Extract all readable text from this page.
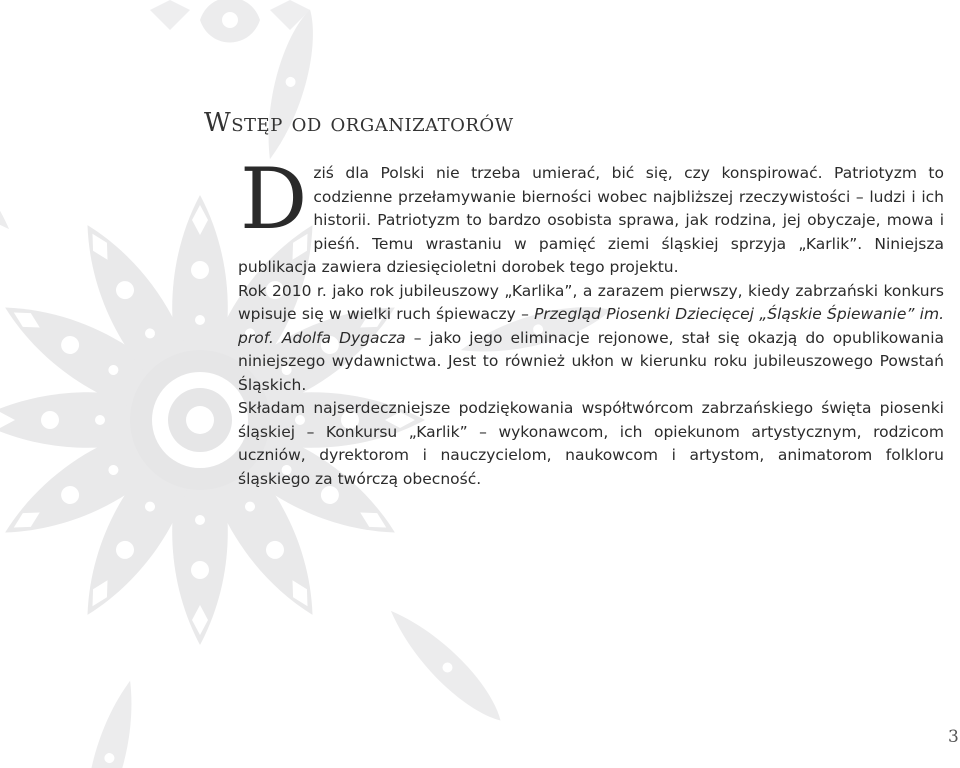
Wstęp od organizatorów

Dziś dla Polski nie trzeba umierać, bić się, czy konspirować. Patriotyzm to codzienne przełamywanie bierności wobec najbliższej rzeczywistości – ludzi i ich historii. Patriotyzm to bardzo osobista sprawa, jak rodzina, jej obyczaje, mowa i pieśń. Temu wrastaniu w pamięć ziemi śląskiej sprzyja „Karlik”. Niniejsza publikacja zawiera dziesięcioletni dorobek tego projektu.

Rok 2010 r. jako rok jubileuszowy „Karlika”, a zarazem pierwszy, kiedy zabrzański konkurs wpisuje się w wielki ruch śpiewaczy – Przegląd Piosenki Dziecięcej „Śląskie Śpiewanie” im. prof. Adolfa Dygacza – jako jego eliminacje rejonowe, stał się okazją do opublikowania niniejszego wydawnictwa. Jest to również ukłon w kierunku roku jubileuszowego Powstań Śląskich.

Składam najserdeczniejsze podziękowania współtwórcom zabrzańskiego święta piosenki śląskiej – Konkursu „Karlik” – wykonawcom, ich opiekunom artystycznym, rodzicom uczniów, dyrektorom i nauczycielom, naukowcom i artystom, animatorom folkloru śląskiego za twórczą obecność.

3
